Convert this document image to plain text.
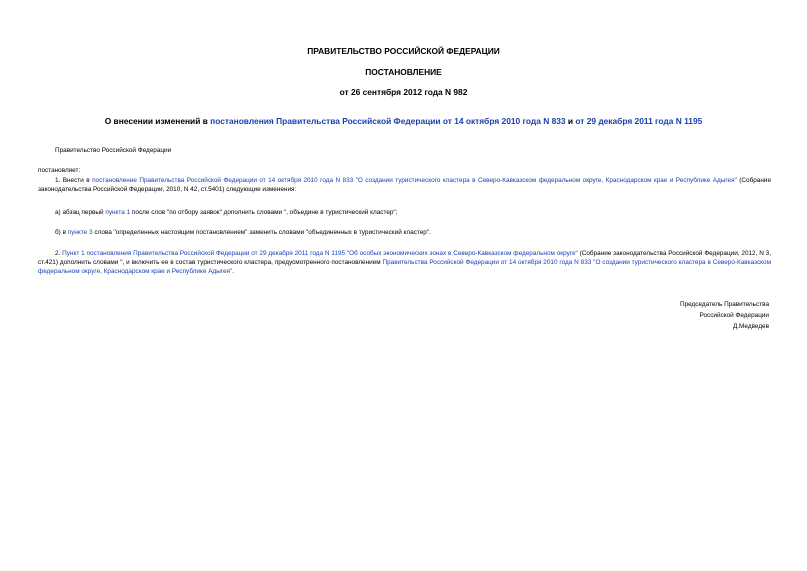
ПРАВИТЕЛЬСТВО РОССИЙСКОЙ ФЕДЕРАЦИИ
ПОСТАНОВЛЕНИЕ
от 26 сентября 2012 года N 982
О внесении изменений в постановления Правительства Российской Федерации от 14 октября 2010 года N 833 и от 29 декабря 2011 года N 1195
Правительство Российской Федерации
постановляет:
1. Внести в постановление Правительства Российской Федерации от 14 октября 2010 года N 833 "О создании туристического кластера в Северо-Кавказском федеральном округе, Краснодарском крае и Республике Адыгея" (Собрание законодательства Российской Федерации, 2010, N 42, ст.5401) следующие изменения:
а) абзац первый пункта 1 после слов "по отбору заявок" дополнить словами ", объедине в туристический кластер";
б) в пункте 3 слова "определенных настоящим постановлением" заменить словами "объединенных в туристический кластер".
2. Пункт 1 постановления Правительства Российской Федерации от 29 декабря 2011 года N 1195 "Об особых экономических зонах в Северо-Кавказском федеральном округе" (Собрание законодательства Российской Федерации, 2012, N 3, ст.421) дополнить словами ", и включить ее в состав туристического кластера, предусмотренного постановлением Правительства Российской Федерации от 14 октября 2010 года N 833 "О создании туристического кластера в Северо-Кавказском федеральном округе, Краснодарском крае и Республике Адыгея".
Председатель Правительства
Российской Федерации
Д.Медведев
